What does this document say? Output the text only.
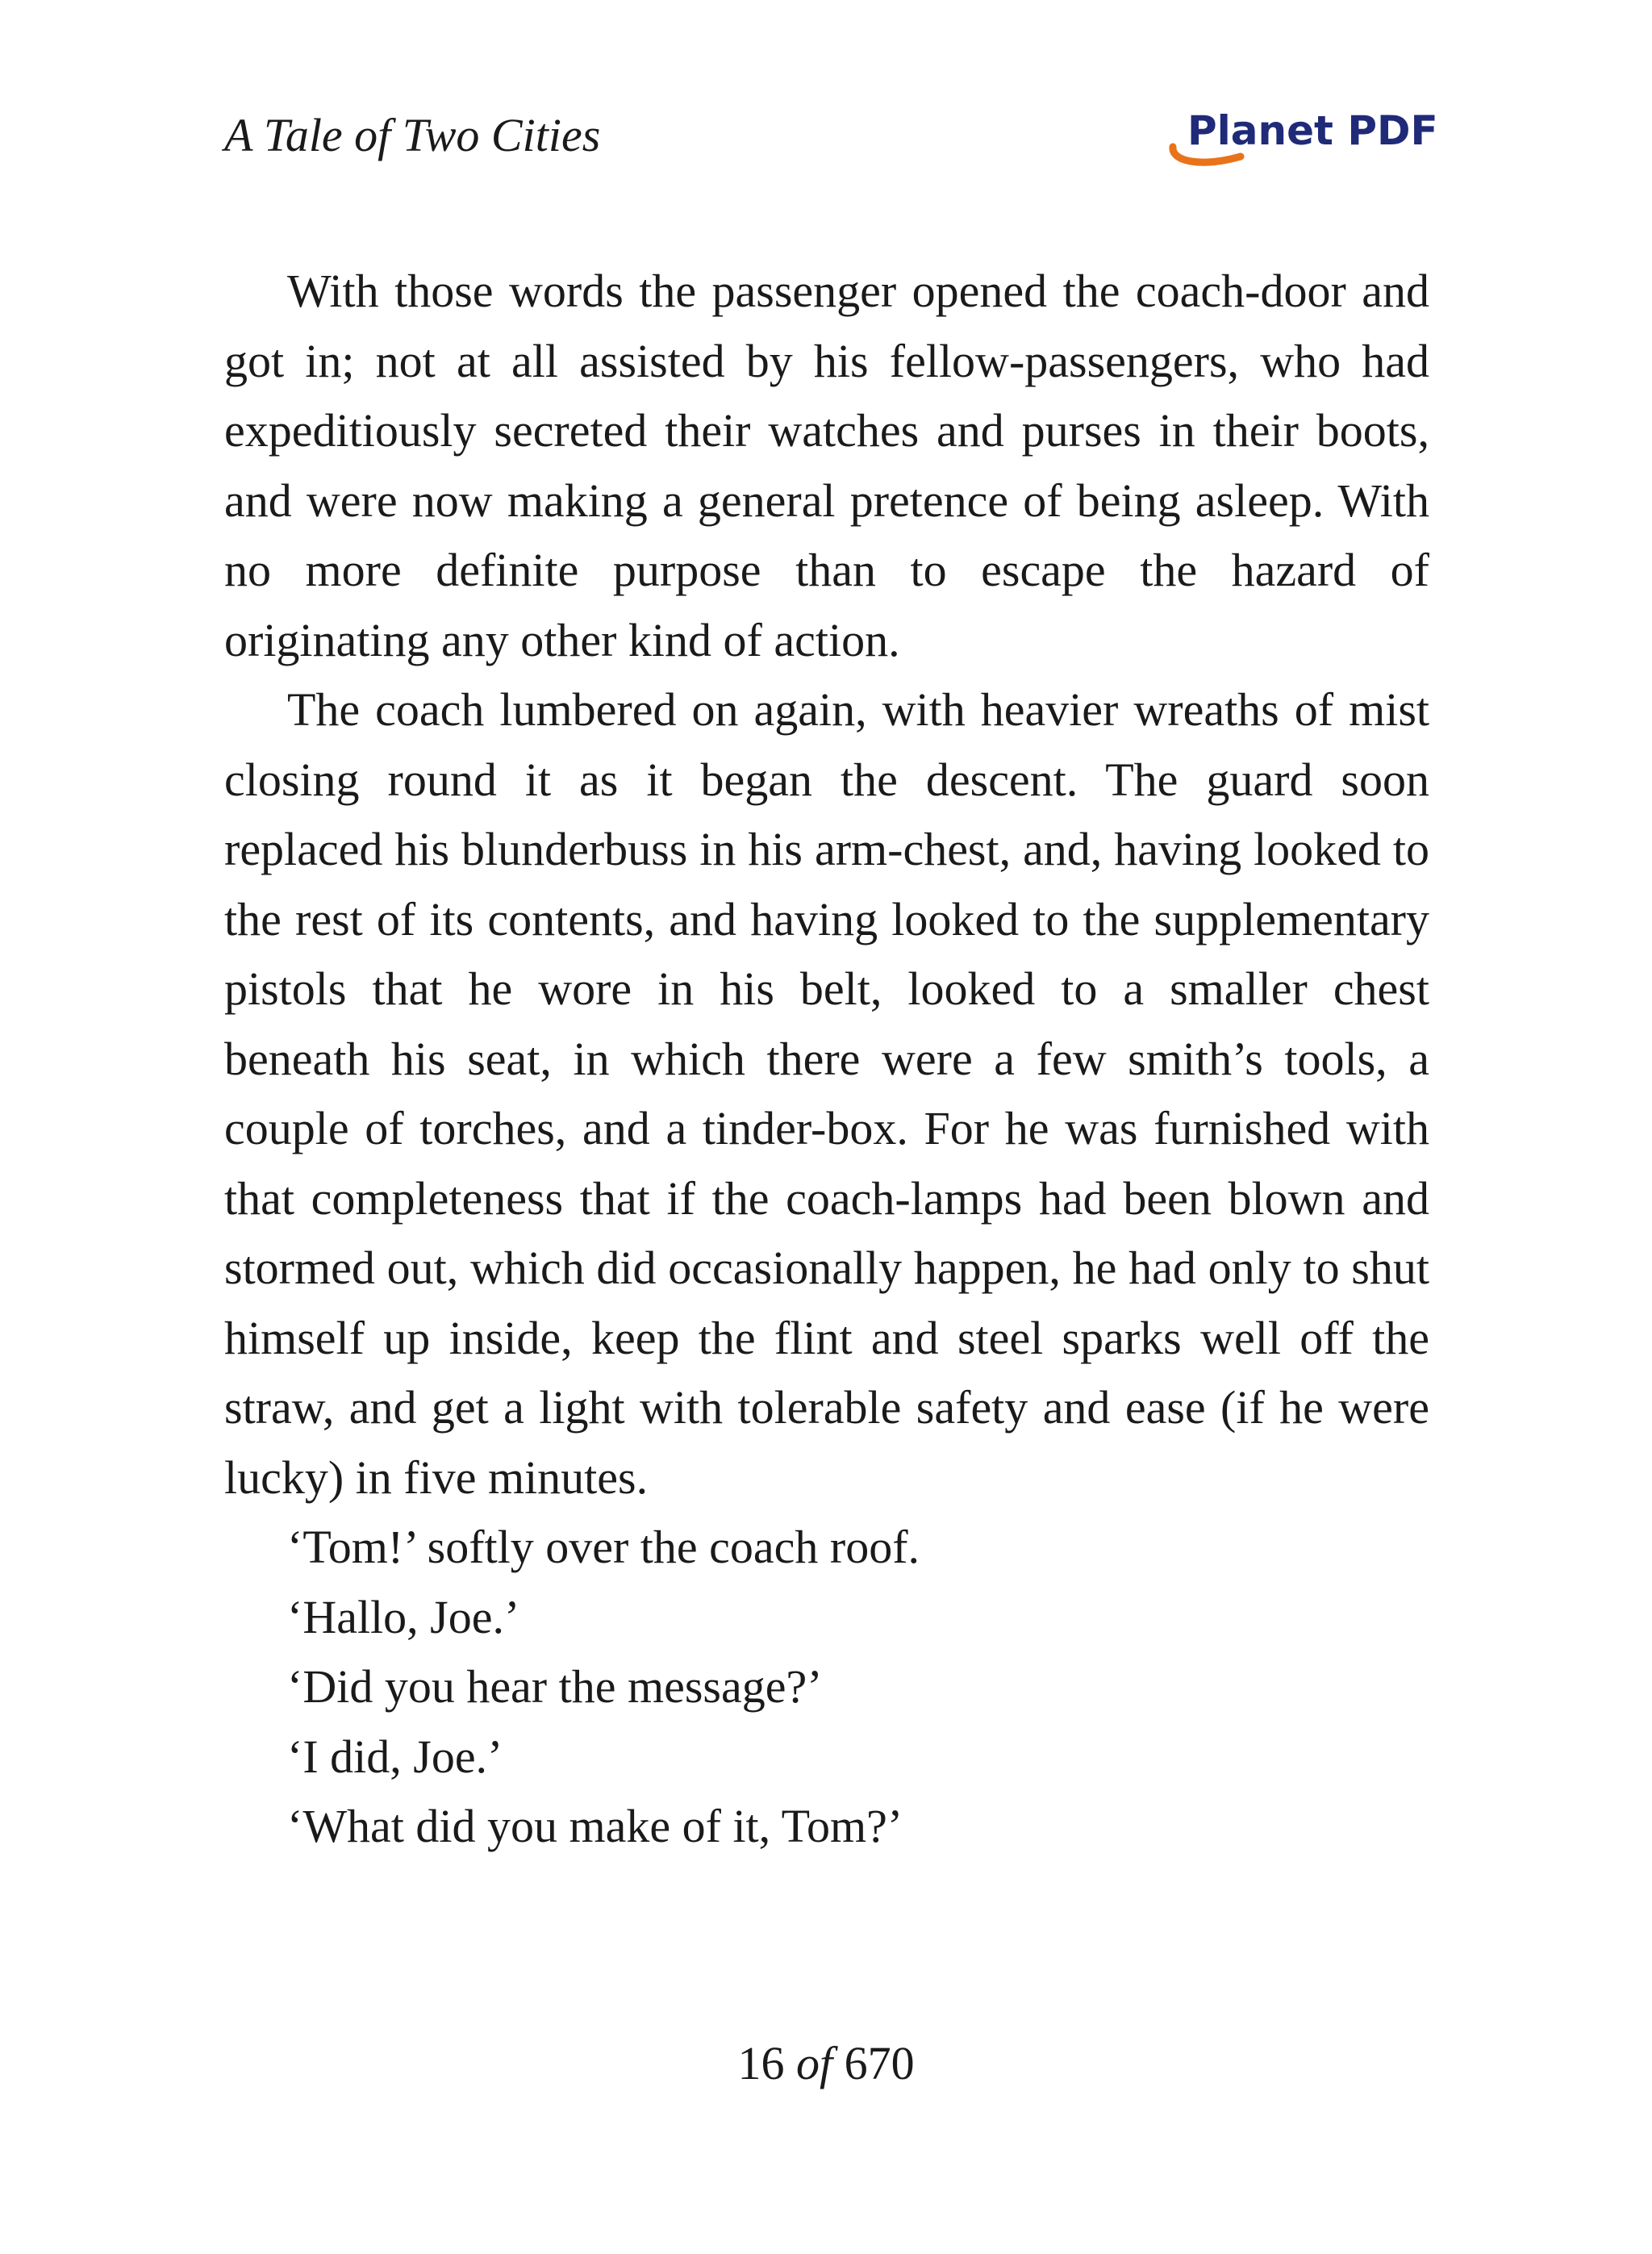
A Tale of Two Cities	Planet PDF

With those words the passenger opened the coach-door and got in; not at all assisted by his fellow-passengers, who had expeditiously secreted their watches and purses in their boots, and were now making a general pretence of being asleep. With no more definite purpose than to escape the hazard of originating any other kind of action.

The coach lumbered on again, with heavier wreaths of mist closing round it as it began the descent. The guard soon replaced his blunderbuss in his arm-chest, and, having looked to the rest of its contents, and having looked to the supplementary pistols that he wore in his belt, looked to a smaller chest beneath his seat, in which there were a few smith’s tools, a couple of torches, and a tinder-box. For he was furnished with that completeness that if the coach-lamps had been blown and stormed out, which did occasionally happen, he had only to shut himself up inside, keep the flint and steel sparks well off the straw, and get a light with tolerable safety and ease (if he were lucky) in five minutes.

‘Tom!’ softly over the coach roof.

‘Hallo, Joe.’

‘Did you hear the message?’

‘I did, Joe.’

‘What did you make of it, Tom?’

16 of 670
